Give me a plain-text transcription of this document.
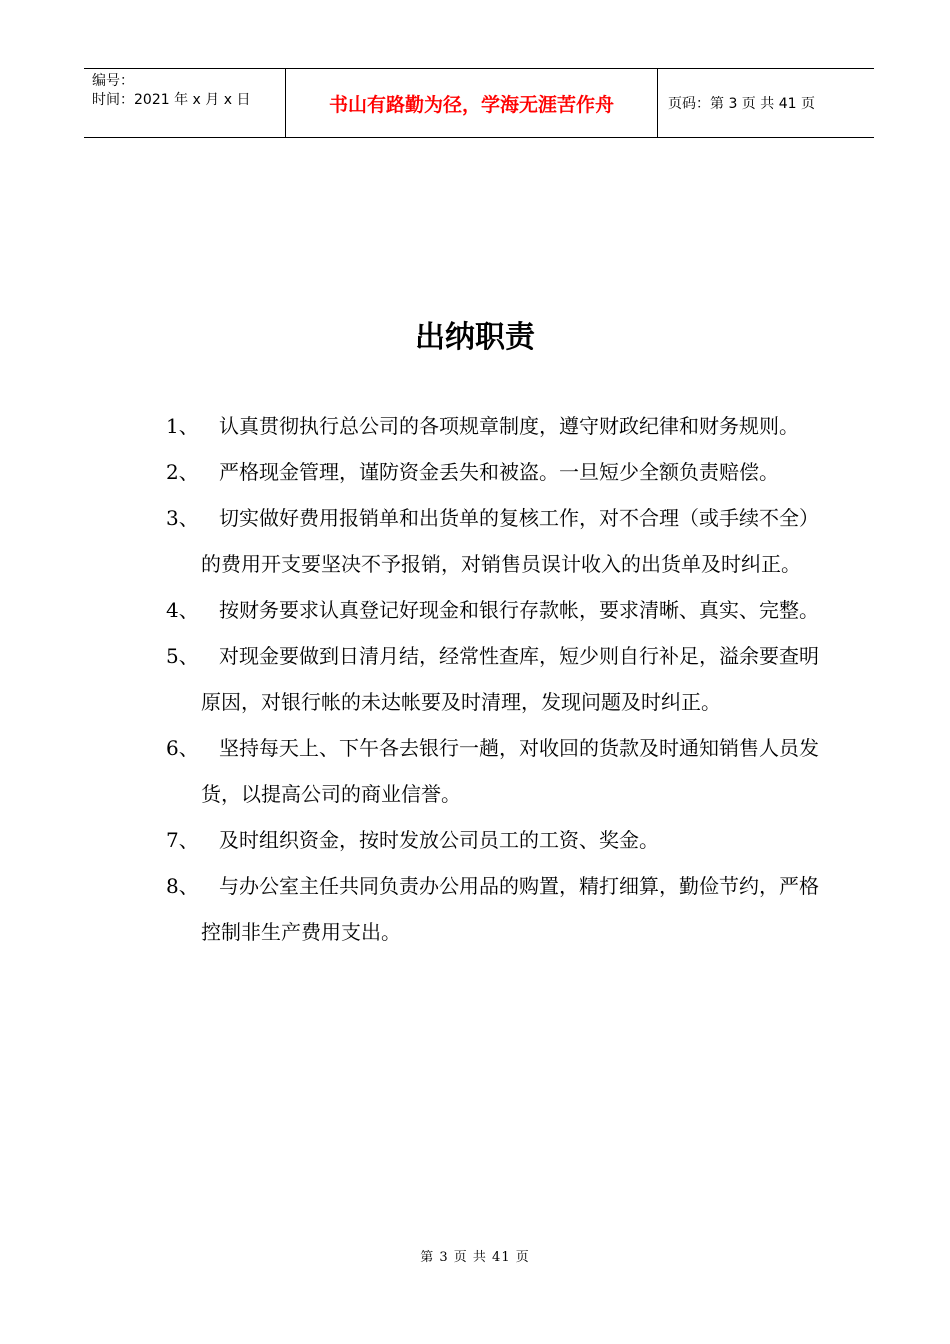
编号：
时间：2021 年 x 月 x 日	书山有路勤为径，学海无涯苦作舟	页码：第 3 页 共 41 页
出纳职责
1、	认真贯彻执行总公司的各项规章制度，遵守财政纪律和财务规则。
2、	严格现金管理，谨防资金丢失和被盗。一旦短少全额负责赔偿。
3、	切实做好费用报销单和出货单的复核工作，对不合理（或手续不全）的费用开支要坚决不予报销，对销售员误计收入的出货单及时纠正。
4、	按财务要求认真登记好现金和银行存款帐，要求清晰、真实、完整。
5、	对现金要做到日清月结，经常性查库，短少则自行补足，溢余要查明原因，对银行帐的未达帐要及时清理，发现问题及时纠正。
6、	坚持每天上、下午各去银行一趟，对收回的货款及时通知销售人员发货，以提高公司的商业信誉。
7、	及时组织资金，按时发放公司员工的工资、奖金。
8、	与办公室主任共同负责办公用品的购置，精打细算，勤俭节约，严格控制非生产费用支出。
第 3 页 共 41 页
